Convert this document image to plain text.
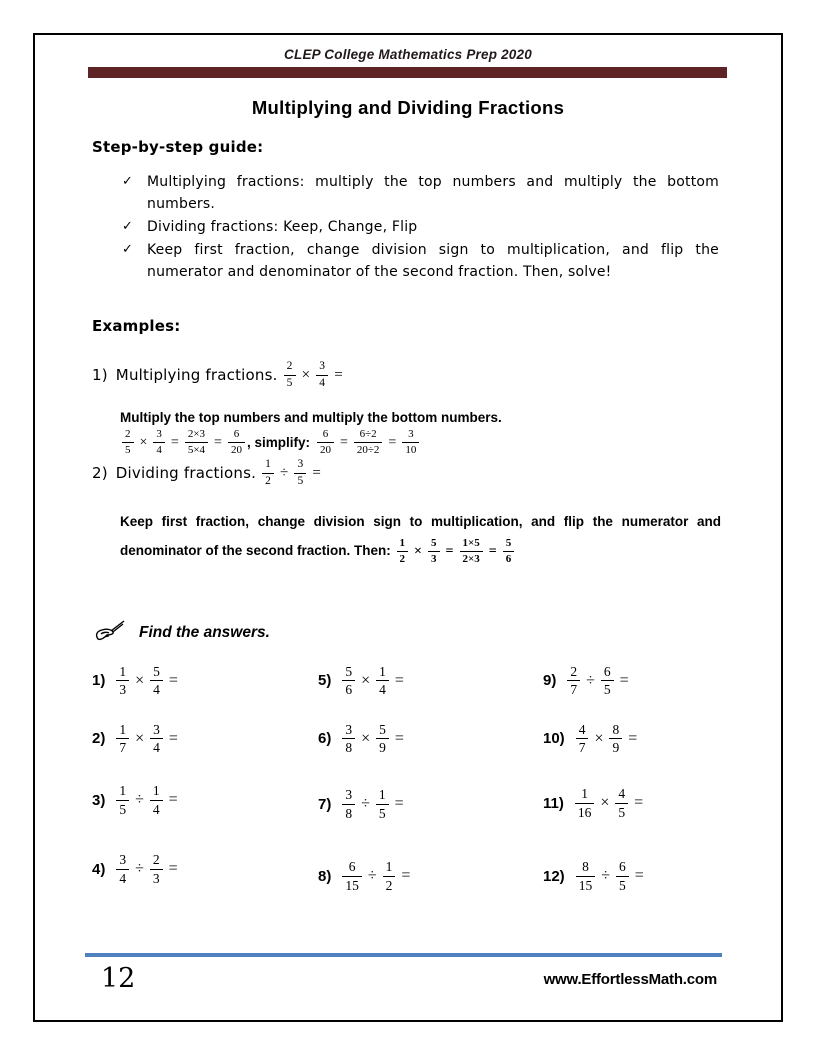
CLEP College Mathematics Prep 2020
Multiplying and Dividing Fractions
Step-by-step guide:
✓ Multiplying fractions: multiply the top numbers and multiply the bottom numbers.
✓ Dividing fractions: Keep, Change, Flip
✓ Keep first fraction, change division sign to multiplication, and flip the numerator and denominator of the second fraction. Then, solve!
Examples:
1) Multiplying fractions. $\frac{2}{5} \times \frac{3}{4}$ =
Multiply the top numbers and multiply the bottom numbers.
$\frac{2}{5} \times \frac{3}{4} = \frac{2\times 3}{5\times 4} = \frac{6}{20}$ , simplify: $\frac{6}{20} = \frac{6\div 2}{20\div 2} = \frac{3}{10}$
2) Dividing fractions. $\frac{1}{2} \div \frac{3}{5}$ =
Keep first fraction, change division sign to multiplication, and flip the numerator and denominator of the second fraction. Then: $\frac{1}{2} \times \frac{5}{3} = \frac{1\times 5}{2\times 3} = \frac{5}{6}$
Find the answers.
$1) \frac{1}{3} \times \frac{5}{4}$ =
$2) \frac{1}{7} \times \frac{3}{4}$ =
$3) \frac{1}{5} \div \frac{1}{4}$ =
$4) \frac{3}{4} \div \frac{2}{3}$ =
$5) \frac{5}{6} \times \frac{1}{4}$ =
$6) \frac{3}{8} \times \frac{5}{9}$ =
$7) \frac{3}{8} \div \frac{1}{5}$ =
$8) \frac{6}{15} \div \frac{1}{2}$ =
$9) \frac{2}{7} \div \frac{6}{5}$ =
$10) \frac{4}{7} \times \frac{8}{9}$ =
$11) \frac{1}{16} \times \frac{4}{5}$ =
$12) \frac{8}{15} \div \frac{6}{5}$ =
12	www.EffortlessMath.com
